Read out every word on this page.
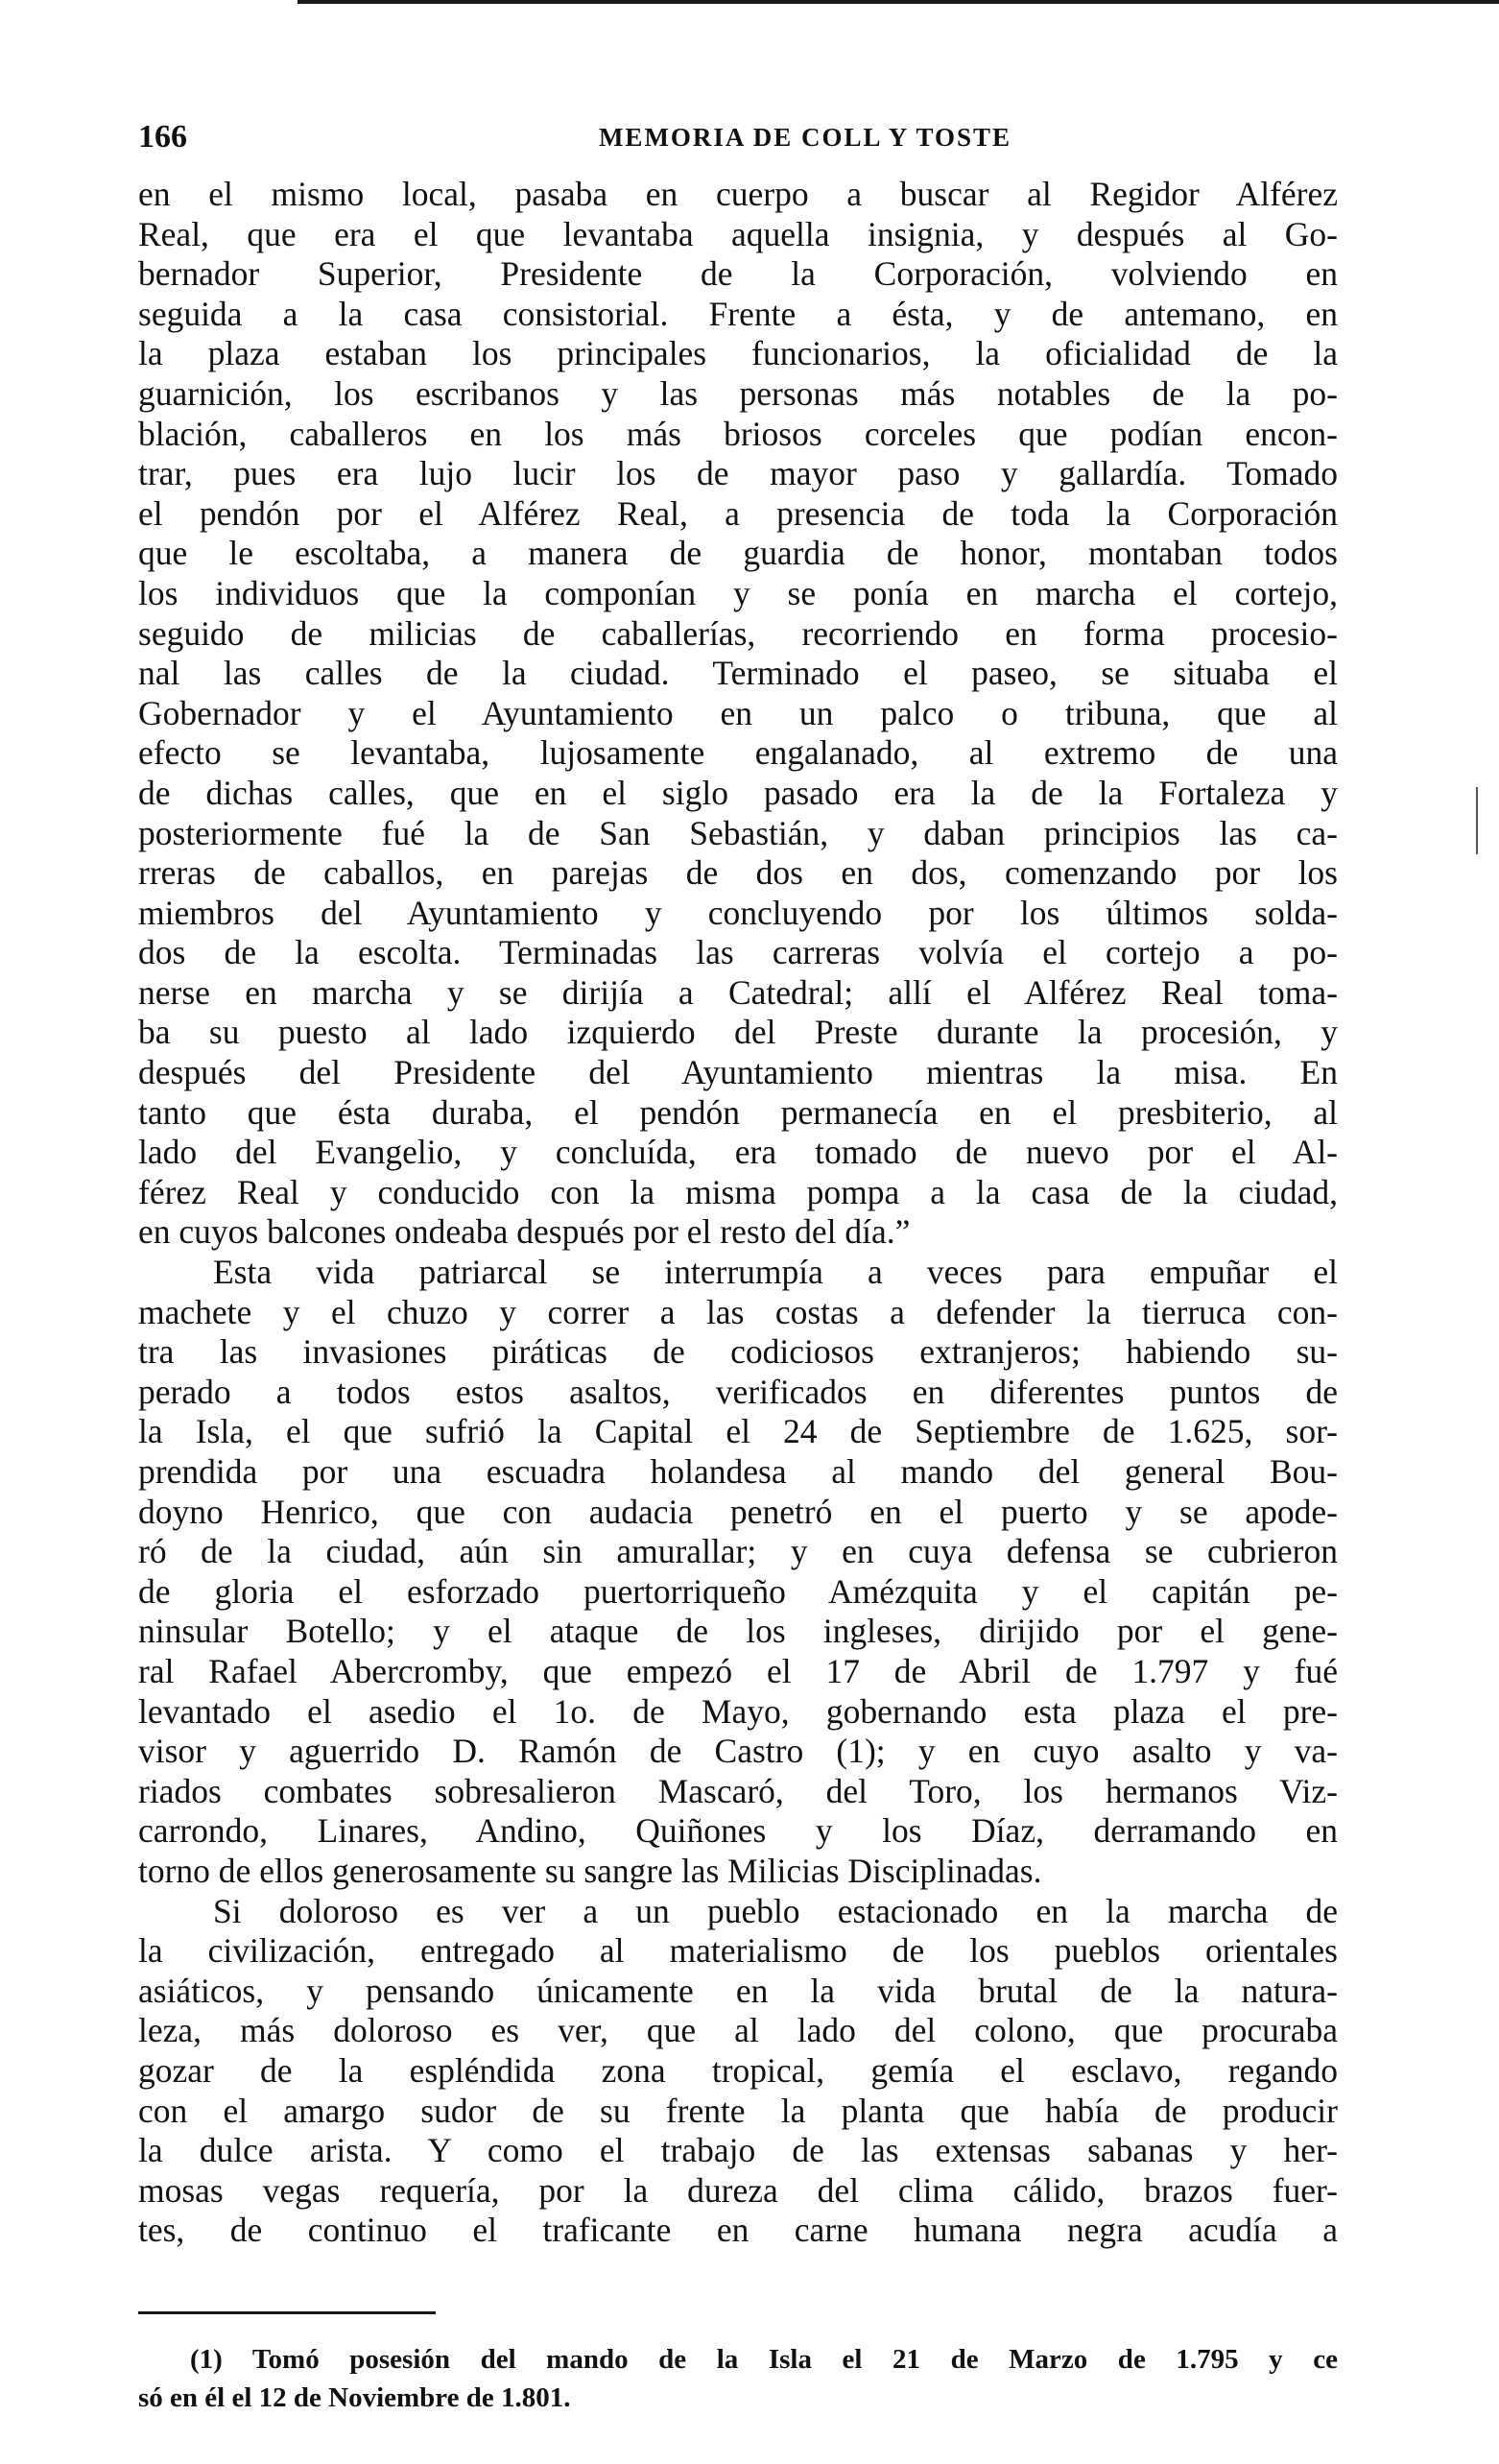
166	MEMORIA DE COLL Y TOSTE
en el mismo local, pasaba en cuerpo a buscar al Regidor Alférez
Real, que era el que levantaba aquella insignia, y después al Go-
bernador Superior, Presidente de la Corporación, volviendo en
seguida a la casa consistorial. Frente a ésta, y de antemano, en
la plaza estaban los principales funcionarios, la oficialidad de la
guarnición, los escribanos y las personas más notables de la po-
blación, caballeros en los más briosos corceles que podían encon-
trar, pues era lujo lucir los de mayor paso y gallardía. Tomado
el pendón por el Alférez Real, a presencia de toda la Corporación
que le escoltaba, a manera de guardia de honor, montaban todos
los individuos que la componían y se ponía en marcha el cortejo,
seguido de milicias de caballerías, recorriendo en forma procesio-
nal las calles de la ciudad. Terminado el paseo, se situaba el
Gobernador y el Ayuntamiento en un palco o tribuna, que al
efecto se levantaba, lujosamente engalanado, al extremo de una
de dichas calles, que en el siglo pasado era la de la Fortaleza y
posteriormente fué la de San Sebastián, y daban principios las ca-
rreras de caballos, en parejas de dos en dos, comenzando por los
miembros del Ayuntamiento y concluyendo por los últimos solda-
dos de la escolta. Terminadas las carreras volvía el cortejo a po-
nerse en marcha y se dirijía a Catedral; allí el Alférez Real toma-
ba su puesto al lado izquierdo del Preste durante la procesión, y
después del Presidente del Ayuntamiento mientras la misa. En
tanto que ésta duraba, el pendón permanecía en el presbiterio, al
lado del Evangelio, y concluída, era tomado de nuevo por el Al-
férez Real y conducido con la misma pompa a la casa de la ciudad,
en cuyos balcones ondeaba después por el resto del día.”
Esta vida patriarcal se interrumpía a veces para empuñar el
machete y el chuzo y correr a las costas a defender la tierruca con-
tra las invasiones piráticas de codiciosos extranjeros; habiendo su-
perado a todos estos asaltos, verificados en diferentes puntos de
la Isla, el que sufrió la Capital el 24 de Septiembre de 1.625, sor-
prendida por una escuadra holandesa al mando del general Bou-
doyno Henrico, que con audacia penetró en el puerto y se apode-
ró de la ciudad, aún sin amurallar; y en cuya defensa se cubrieron
de gloria el esforzado puertorriqueño Amézquita y el capitán pe-
ninsular Botello; y el ataque de los ingleses, dirijido por el gene-
ral Rafael Abercromby, que empezó el 17 de Abril de 1.797 y fué
levantado el asedio el 1o. de Mayo, gobernando esta plaza el pre-
visor y aguerrido D. Ramón de Castro (1); y en cuyo asalto y va-
riados combates sobresalieron Mascaró, del Toro, los hermanos Viz-
carrondo, Linares, Andino, Quiñones y los Díaz, derramando en
torno de ellos generosamente su sangre las Milicias Disciplinadas.
Si doloroso es ver a un pueblo estacionado en la marcha de
la civilización, entregado al materialismo de los pueblos orientales
asiáticos, y pensando únicamente en la vida brutal de la natura-
leza, más doloroso es ver, que al lado del colono, que procuraba
gozar de la espléndida zona tropical, gemía el esclavo, regando
con el amargo sudor de su frente la planta que había de producir
la dulce arista. Y como el trabajo de las extensas sabanas y her-
mosas vegas requería, por la dureza del clima cálido, brazos fuer-
tes, de continuo el traficante en carne humana negra acudía a
(1) Tomó posesión del mando de la Isla el 21 de Marzo de 1.795 y ce
só en él el 12 de Noviembre de 1.801.
